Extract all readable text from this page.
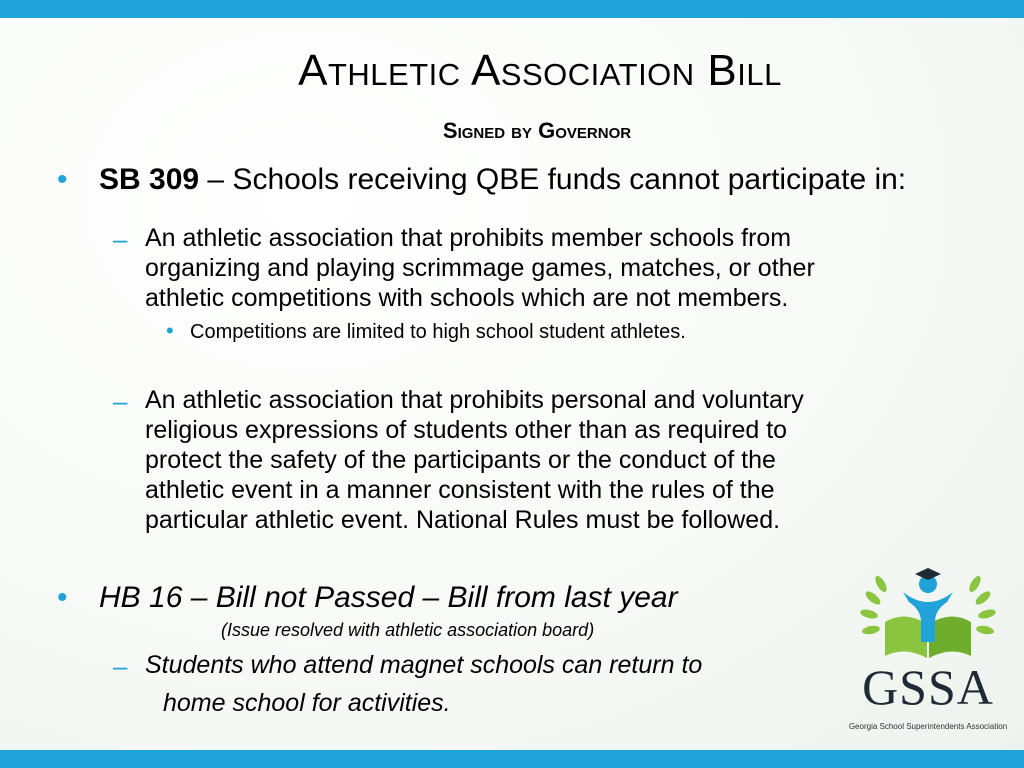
Athletic Association Bill
Signed by Governor
• SB 309 – Schools receiving QBE funds cannot participate in:
– An athletic association that prohibits member schools from
organizing and playing scrimmage games, matches, or other
athletic competitions with schools which are not members.
• Competitions are limited to high school student athletes.
– An athletic association that prohibits personal and voluntary
religious expressions of students other than as required to
protect the safety of the participants or the conduct of the
athletic event in a manner consistent with the rules of the
particular athletic event. National Rules must be followed.
• HB 16 – Bill not Passed – Bill from last year
(Issue resolved with athletic association board)
– Students who attend magnet schools can return to
home school for activities.	GSSA
Georgia School Superintendents Association
